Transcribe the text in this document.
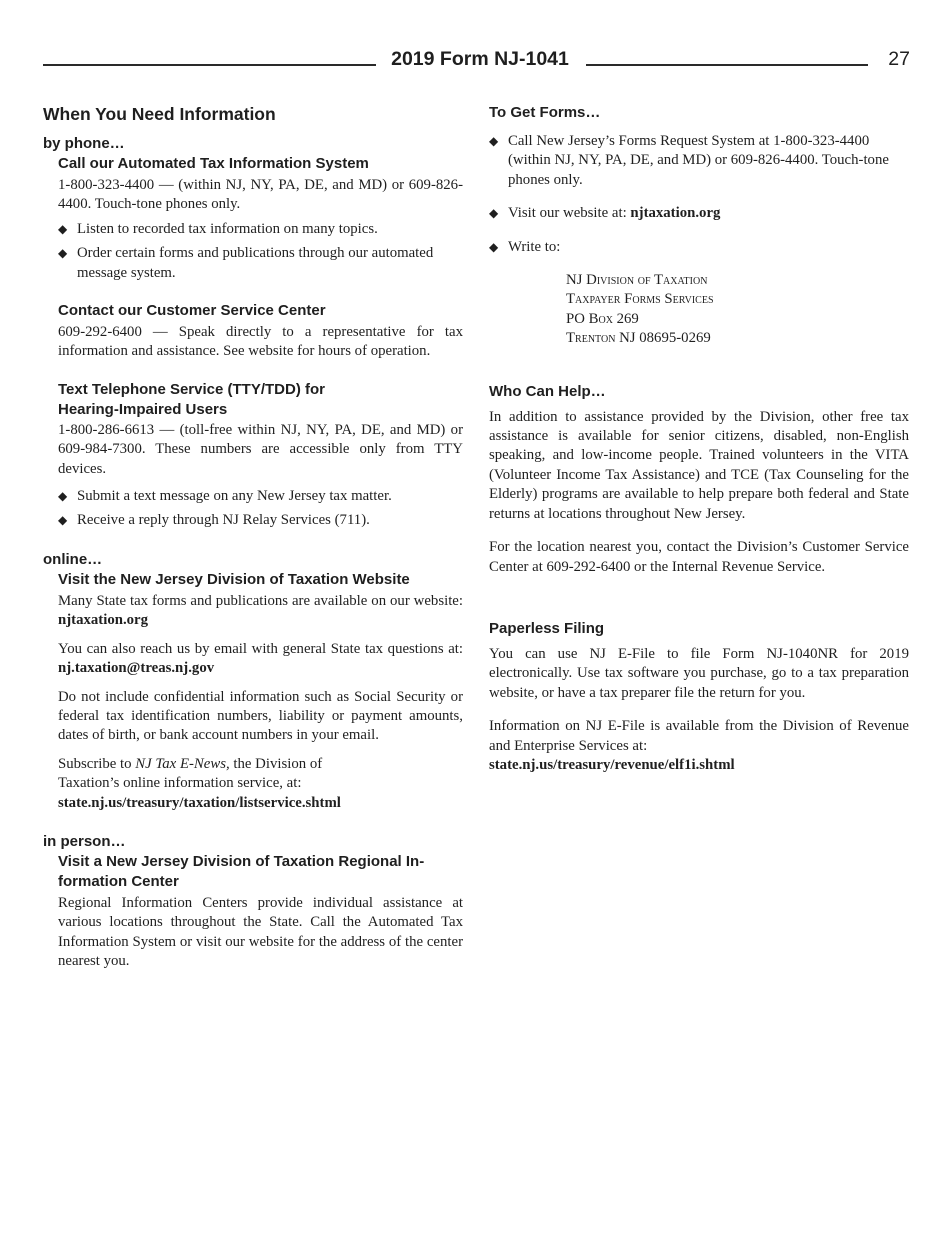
2019 Form NJ-1041	27
When You Need Information
by phone…
Call our Automated Tax Information System

1-800-323-4400 — (within NJ, NY, PA, DE, and MD) or 609-826-4400. Touch-tone phones only.

◆ Listen to recorded tax information on many topics.
◆ Order certain forms and publications through our automated message system.
Contact our Customer Service Center

609-292-6400 — Speak directly to a representative for tax information and assistance. See website for hours of operation.

Text Telephone Service (TTY/TDD) for
Hearing-Impaired Users

1-800-286-6613 — (toll-free within NJ, NY, PA, DE, and MD) or 609-984-7300. These numbers are accessible only from TTY devices.

◆ Submit a text message on any New Jersey tax matter.
◆ Receive a reply through NJ Relay Services (711).
online…
Visit the New Jersey Division of Taxation Website

Many State tax forms and publications are available on our website: njtaxation.org

You can also reach us by email with general State tax questions at: nj.taxation@treas.nj.gov

Do not include confidential information such as Social Security or federal tax identification numbers, liability or payment amounts, dates of birth, or bank account numbers in your email.

Subscribe to NJ Tax E-News, the Division of
Taxation’s online information service, at:
state.nj.us/treasury/taxation/listservice.shtml

in person…
Visit a New Jersey Division of Taxation Regional In-
formation Center

Regional Information Centers provide individual assistance at various locations throughout the State. Call the Automated Tax Information System or visit our website for the address of the center nearest you.

To Get Forms…
◆ Call New Jersey’s Forms Request System at 1-800-323-4400 (within NJ, NY, PA, DE, and MD) or 609-826-4400. Touch-tone phones only.
◆ Visit our website at: njtaxation.org
◆ Write to:
NJ Division of Taxation
Taxpayer Forms Services
PO Box 269
Trenton NJ 08695-0269
Who Can Help…

In addition to assistance provided by the Division, other free tax assistance is available for senior citizens, disabled, non-English speaking, and low-income people. Trained volunteers in the VITA (Volunteer Income Tax Assistance) and TCE (Tax Counseling for the Elderly) programs are available to help prepare both federal and State returns at locations throughout New Jersey.

For the location nearest you, contact the Division’s Customer Service Center at 609-292-6400 or the Internal Revenue Service.

Paperless Filing

You can use NJ E-File to file Form NJ-1040NR for 2019 electronically. Use tax software you purchase, go to a tax preparation website, or have a tax preparer file the return for you.

Information on NJ E-File is available from the Division of Revenue and Enterprise Services at:
state.nj.us/treasury/revenue/elf1i.shtml
